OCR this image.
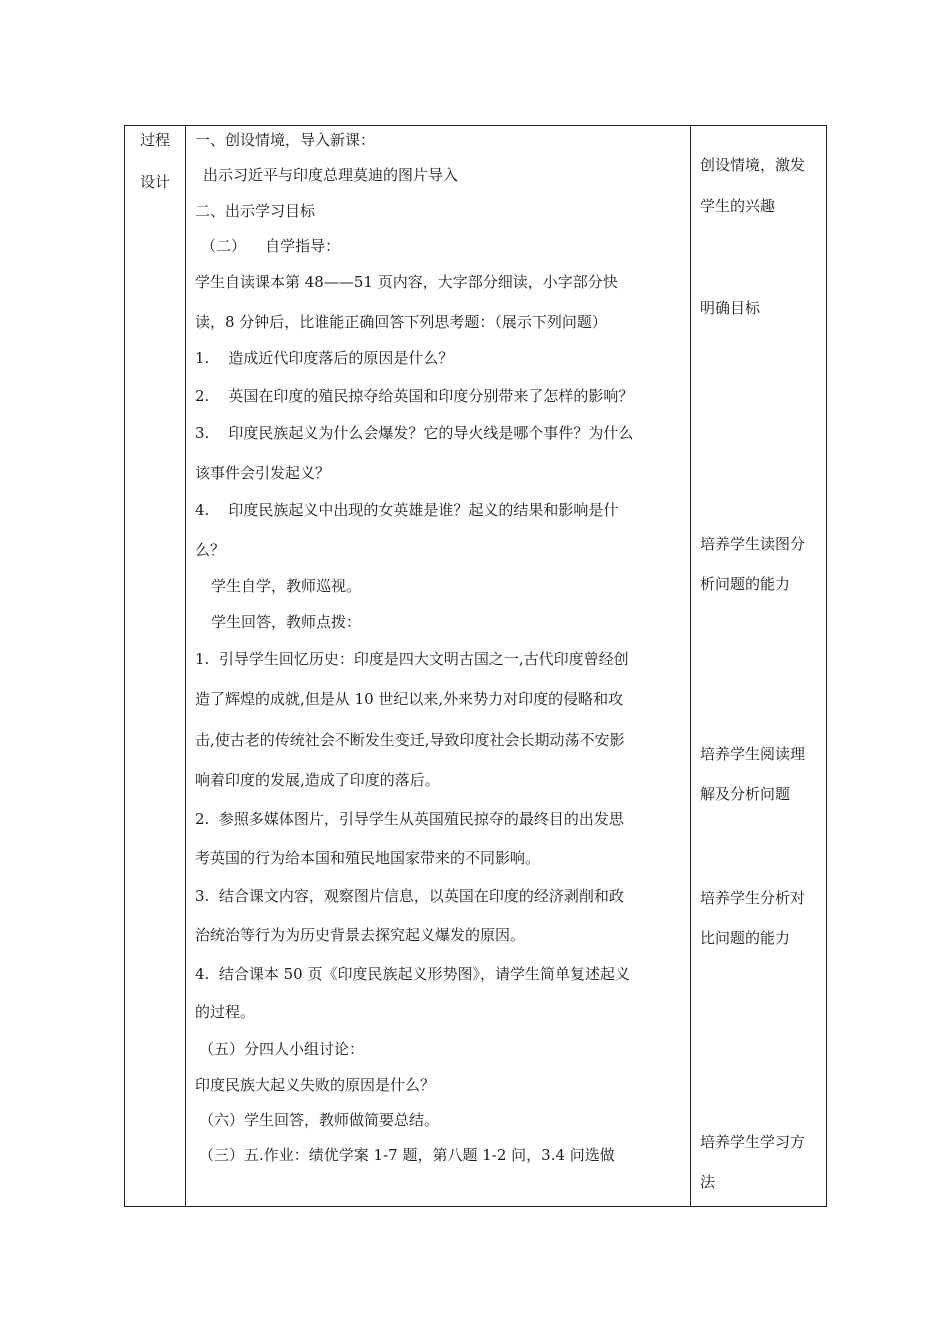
过程
设计
一、创设情境，导入新课：
出示习近平与印度总理莫迪的图片导入
二、出示学习目标
（二）    自学指导：
学生自读课本第 48——51 页内容，大字部分细读，小字部分快
读，8 分钟后，比谁能正确回答下列思考题：（展示下列问题）
1.    造成近代印度落后的原因是什么？
2.    英国在印度的殖民掠夺给英国和印度分别带来了怎样的影响？
3.    印度民族起义为什么会爆发？它的导火线是哪个事件？为什么
该事件会引发起义？
4.    印度民族起义中出现的女英雄是谁？起义的结果和影响是什
么？
学生自学，教师巡视。
学生回答，教师点拨：
1.  引导学生回忆历史：印度是四大文明古国之一,古代印度曾经创
造了辉煌的成就,但是从 10 世纪以来,外来势力对印度的侵略和攻
击,使古老的传统社会不断发生变迁,导致印度社会长期动荡不安影
响着印度的发展,造成了印度的落后。
2.  参照多媒体图片，引导学生从英国殖民掠夺的最终目的出发思
考英国的行为给本国和殖民地国家带来的不同影响。
3.  结合课文内容，观察图片信息，以英国在印度的经济剥削和政
治统治等行为为历史背景去探究起义爆发的原因。
4.  结合课本 50 页《印度民族起义形势图》，请学生简单复述起义
的过程。
（五）分四人小组讨论：
印度民族大起义失败的原因是什么？
（六）学生回答，教师做简要总结。
（三）五.作业：绩优学案 1-7 题，第八题 1-2 问，3.4 问选做
创设情境，激发
学生的兴趣
明确目标
培养学生读图分
析问题的能力
培养学生阅读理
解及分析问题
培养学生分析对
比问题的能力
培养学生学习方
法
